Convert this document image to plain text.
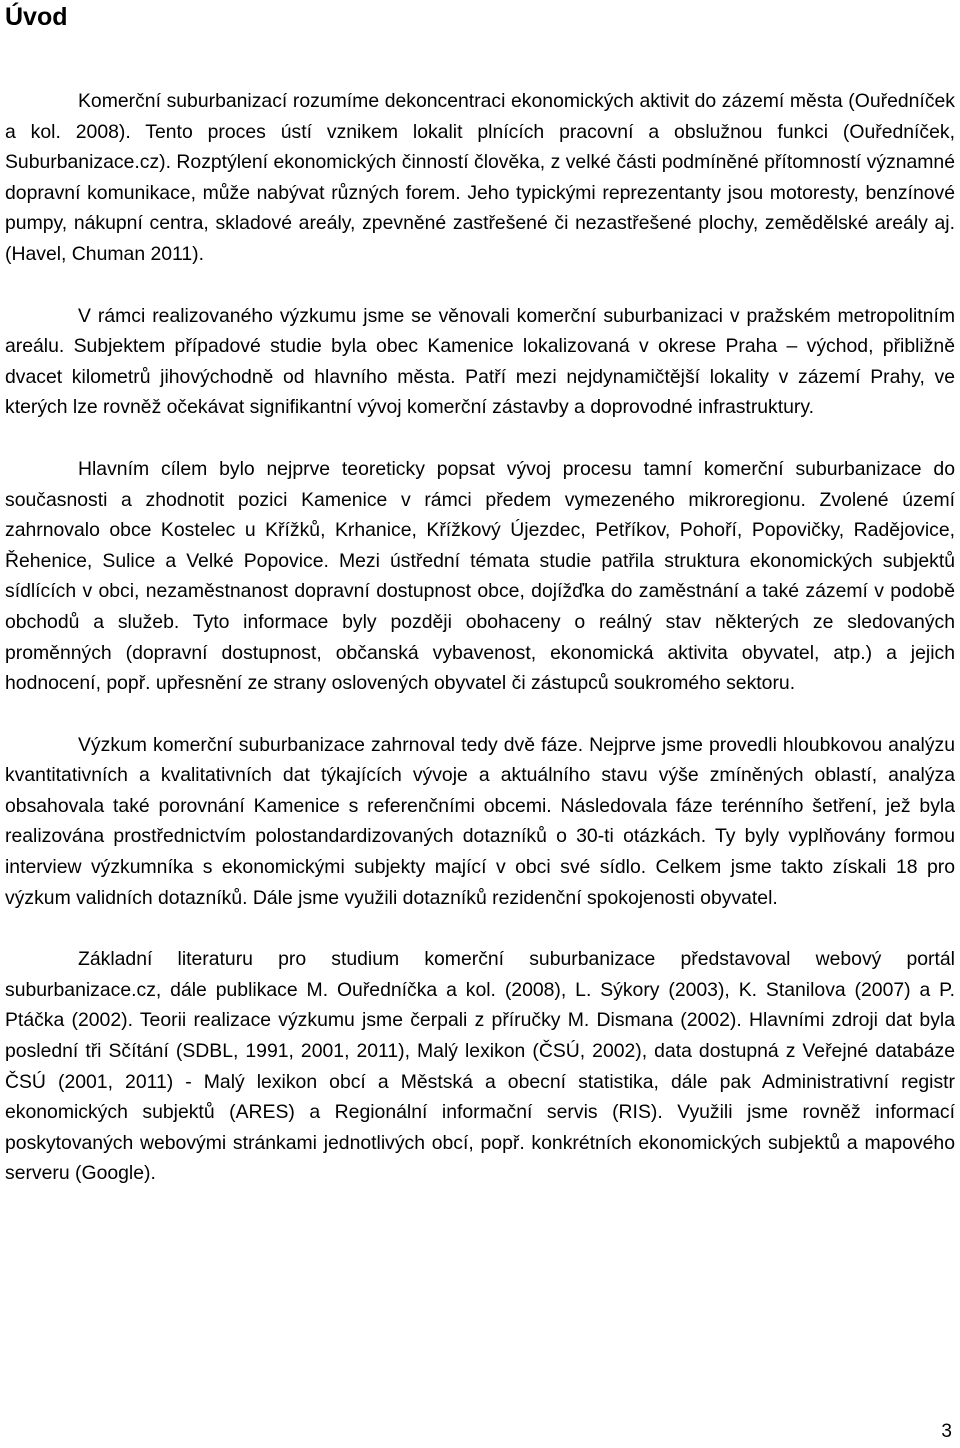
Úvod

Komerční suburbanizací rozumíme dekoncentraci ekonomických aktivit do zázemí města (Ouředníček a kol. 2008). Tento proces ústí vznikem lokalit plnících pracovní a obslužnou funkci (Ouředníček, Suburbanizace.cz). Rozptýlení ekonomických činností člověka, z velké části podmíněné přítomností významné dopravní komunikace, může nabývat různých forem. Jeho typickými reprezentanty jsou motoresty, benzínové pumpy, nákupní centra, skladové areály, zpevněné zastřešené či nezastřešené plochy, zemědělské areály aj. (Havel, Chuman 2011).

V rámci realizovaného výzkumu jsme se věnovali komerční suburbanizaci v pražském metropolitním areálu. Subjektem případové studie byla obec Kamenice lokalizovaná v okrese Praha – východ, přibližně dvacet kilometrů jihovýchodně od hlavního města. Patří mezi nejdynamičtější lokality v zázemí Prahy, ve kterých lze rovněž očekávat signifikantní vývoj komerční zástavby a doprovodné infrastruktury.

Hlavním cílem bylo nejprve teoreticky popsat vývoj procesu tamní komerční suburbanizace do současnosti a zhodnotit pozici Kamenice v rámci předem vymezeného mikroregionu. Zvolené území zahrnovalo obce Kostelec u Křížků, Krhanice, Křížkový Újezdec, Petříkov, Pohoří, Popovičky, Radějovice, Řehenice, Sulice a Velké Popovice. Mezi ústřední témata studie patřila struktura ekonomických subjektů sídlících v obci, nezaměstnanost dopravní dostupnost obce, dojížďka do zaměstnání a také zázemí v podobě obchodů a služeb. Tyto informace byly později obohaceny o reálný stav některých ze sledovaných proměnných (dopravní dostupnost, občanská vybavenost, ekonomická aktivita obyvatel, atp.) a jejich hodnocení, popř. upřesnění ze strany oslovených obyvatel či zástupců soukromého sektoru.

Výzkum komerční suburbanizace zahrnoval tedy dvě fáze. Nejprve jsme provedli hloubkovou analýzu kvantitativních a kvalitativních dat týkajících vývoje a aktuálního stavu výše zmíněných oblastí, analýza obsahovala také porovnání Kamenice s referenčními obcemi. Následovala fáze terénního šetření, jež byla realizována prostřednictvím polostandardizovaných dotazníků o 30-ti otázkách. Ty byly vyplňovány formou interview výzkumníka s ekonomickými subjekty mající v obci své sídlo. Celkem jsme takto získali 18 pro výzkum validních dotazníků. Dále jsme využili dotazníků rezidenční spokojenosti obyvatel.

Základní literaturu pro studium komerční suburbanizace představoval webový portál suburbanizace.cz, dále publikace M. Ouředníčka a kol. (2008), L. Sýkory (2003), K. Stanilova (2007) a P. Ptáčka (2002). Teorii realizace výzkumu jsme čerpali z příručky M. Dismana (2002). Hlavními zdroji dat byla poslední tři Sčítání (SDBL, 1991, 2001, 2011), Malý lexikon (ČSÚ, 2002), data dostupná z Veřejné databáze ČSÚ (2001, 2011) - Malý lexikon obcí a Městská a obecní statistika, dále pak Administrativní registr ekonomických subjektů (ARES) a Regionální informační servis (RIS). Využili jsme rovněž informací poskytovaných webovými stránkami jednotlivých obcí, popř. konkrétních ekonomických subjektů a mapového serveru (Google).

3
